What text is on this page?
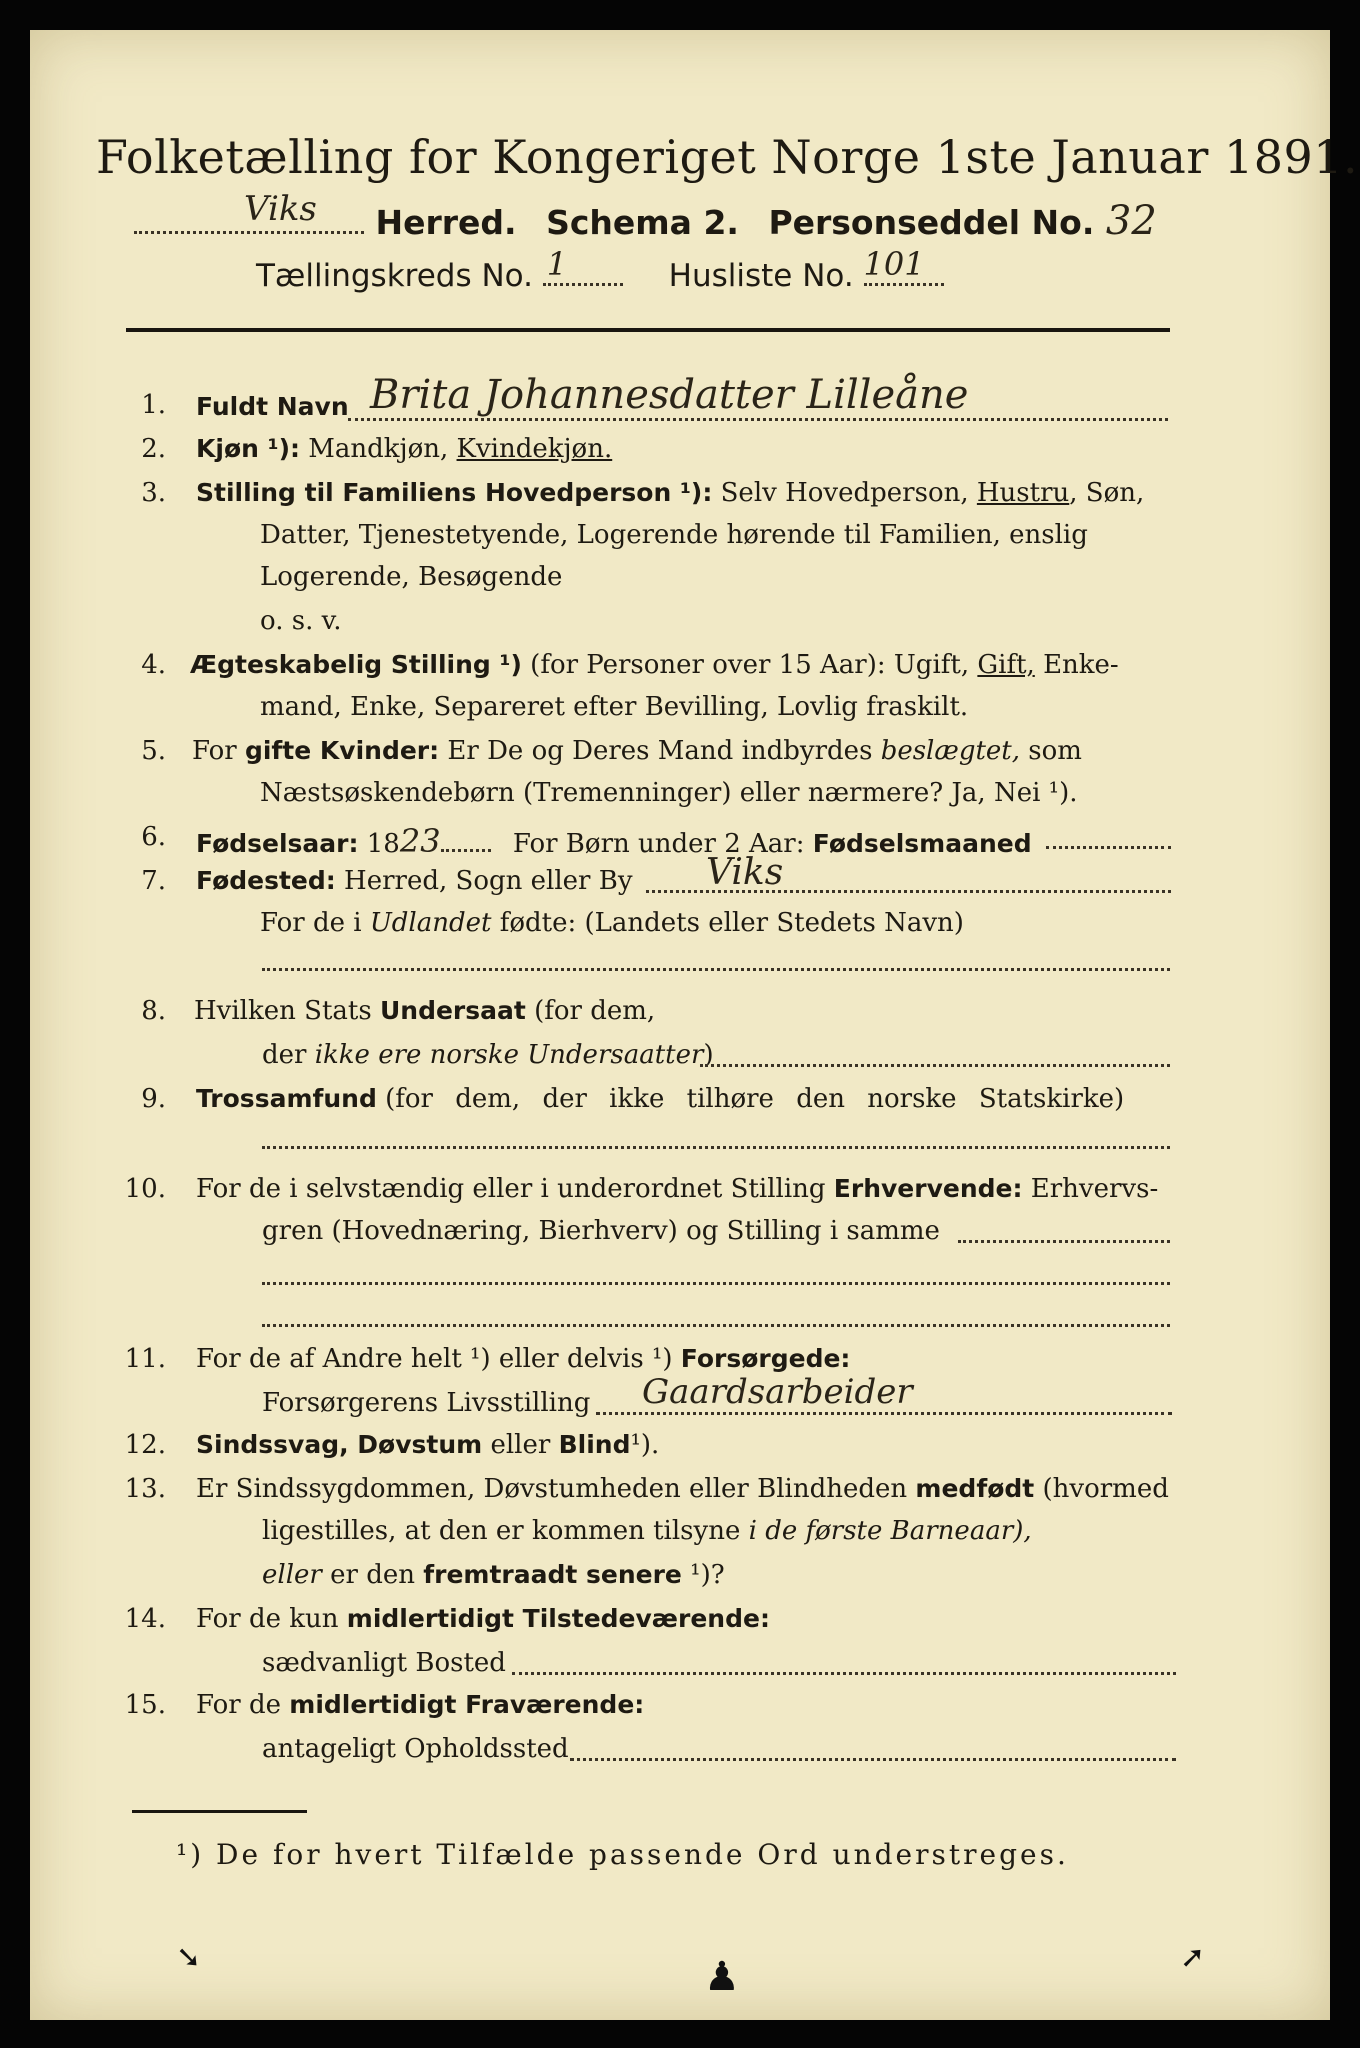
Folketælling for Kongeriget Norge 1ste Januar 1891.
Viks Herred. Schema 2. Personseddel No. 32
Tællingskreds No. 1	Husliste No. 101
1. Fuldt Navn Brita Johannesdatter Lilleåne
2. Kjøn ¹): Mandkjøn, Kvindekjøn.
3. Stilling til Familiens Hovedperson ¹): Selv Hovedperson, Hustru, Søn,
Datter, Tjenestetyende, Logerende hørende til Familien, enslig
Logerende, Besøgende
o. s. v.
4. Ægteskabelig Stilling ¹) (for Personer over 15 Aar): Ugift, Gift, Enke-
mand, Enke, Separeret efter Bevilling, Lovlig fraskilt.
5. For gifte Kvinder: Er De og Deres Mand indbyrdes beslægtet, som
Næstsøskendebørn (Tremenninger) eller nærmere? Ja, Nei ¹).
6. Fødselsaar: 1823	For Børn under 2 Aar: Fødselsmaaned
7. Fødested: Herred, Sogn eller By Viks
For de i Udlandet fødte: (Landets eller Stedets Navn)
8. Hvilken Stats Undersaat (for dem,
der ikke ere norske Undersaatter)
9. Trossamfund (for dem, der ikke tilhøre den norske Statskirke)
10. For de i selvstændig eller i underordnet Stilling Erhvervende: Erhvervs-
gren (Hovednæring, Bierhverv) og Stilling i samme
11. For de af Andre helt ¹) eller delvis ¹) Forsørgede:
Forsørgerens Livsstilling Gaardsarbeider
12. Sindssvag, Døvstum eller Blind¹).
13. Er Sindssygdommen, Døvstumheden eller Blindheden medfødt (hvormed
ligestilles, at den er kommen tilsyne i de første Barneaar),
eller er den fremtraadt senere ¹)?
14. For de kun midlertidigt Tilstedeværende:
sædvanligt Bosted
15. For de midlertidigt Fraværende:
antageligt Opholdssted
¹) De for hvert Tilfælde passende Ord understreges.
➘	♟	➚
